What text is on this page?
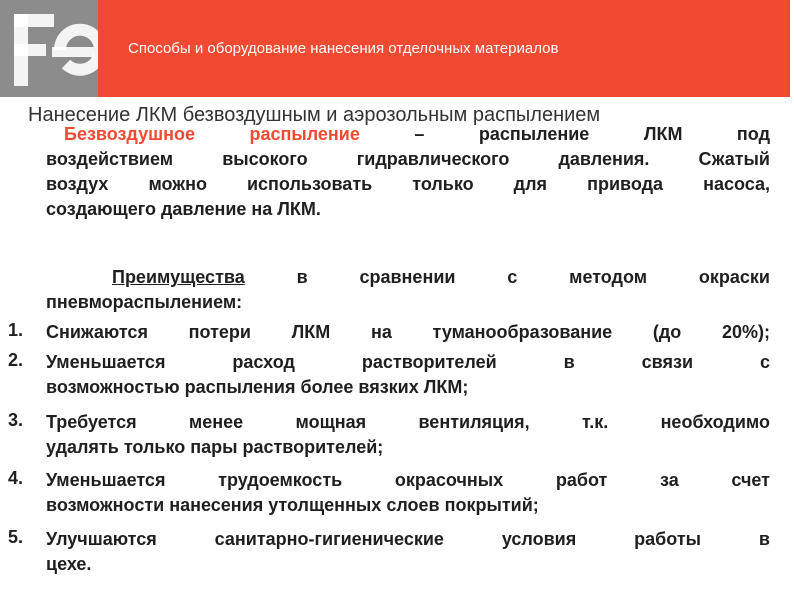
Способы и оборудование нанесения отделочных материалов
Нанесение ЛКМ безвоздушным и аэрозольным распылением
Безвоздушное распыление – распыление ЛКМ под
воздействием высокого гидравлического давления. Сжатый
воздух можно использовать только для привода насоса,
создающего давление на ЛКМ.
Преимущества в сравнении с методом окраски
пневмораспылением:
1. Снижаются потери ЛКМ на туманообразование (до 20%);
2. Уменьшается расход растворителей в связи с
возможностью распыления более вязких ЛКМ;
3. Требуется менее мощная вентиляция, т.к. необходимо
удалять только пары растворителей;
4. Уменьшается трудоемкость окрасочных работ за счет
возможности нанесения утолщенных слоев покрытий;
5. Улучшаются санитарно-гигиенические условия работы в
цехе.
